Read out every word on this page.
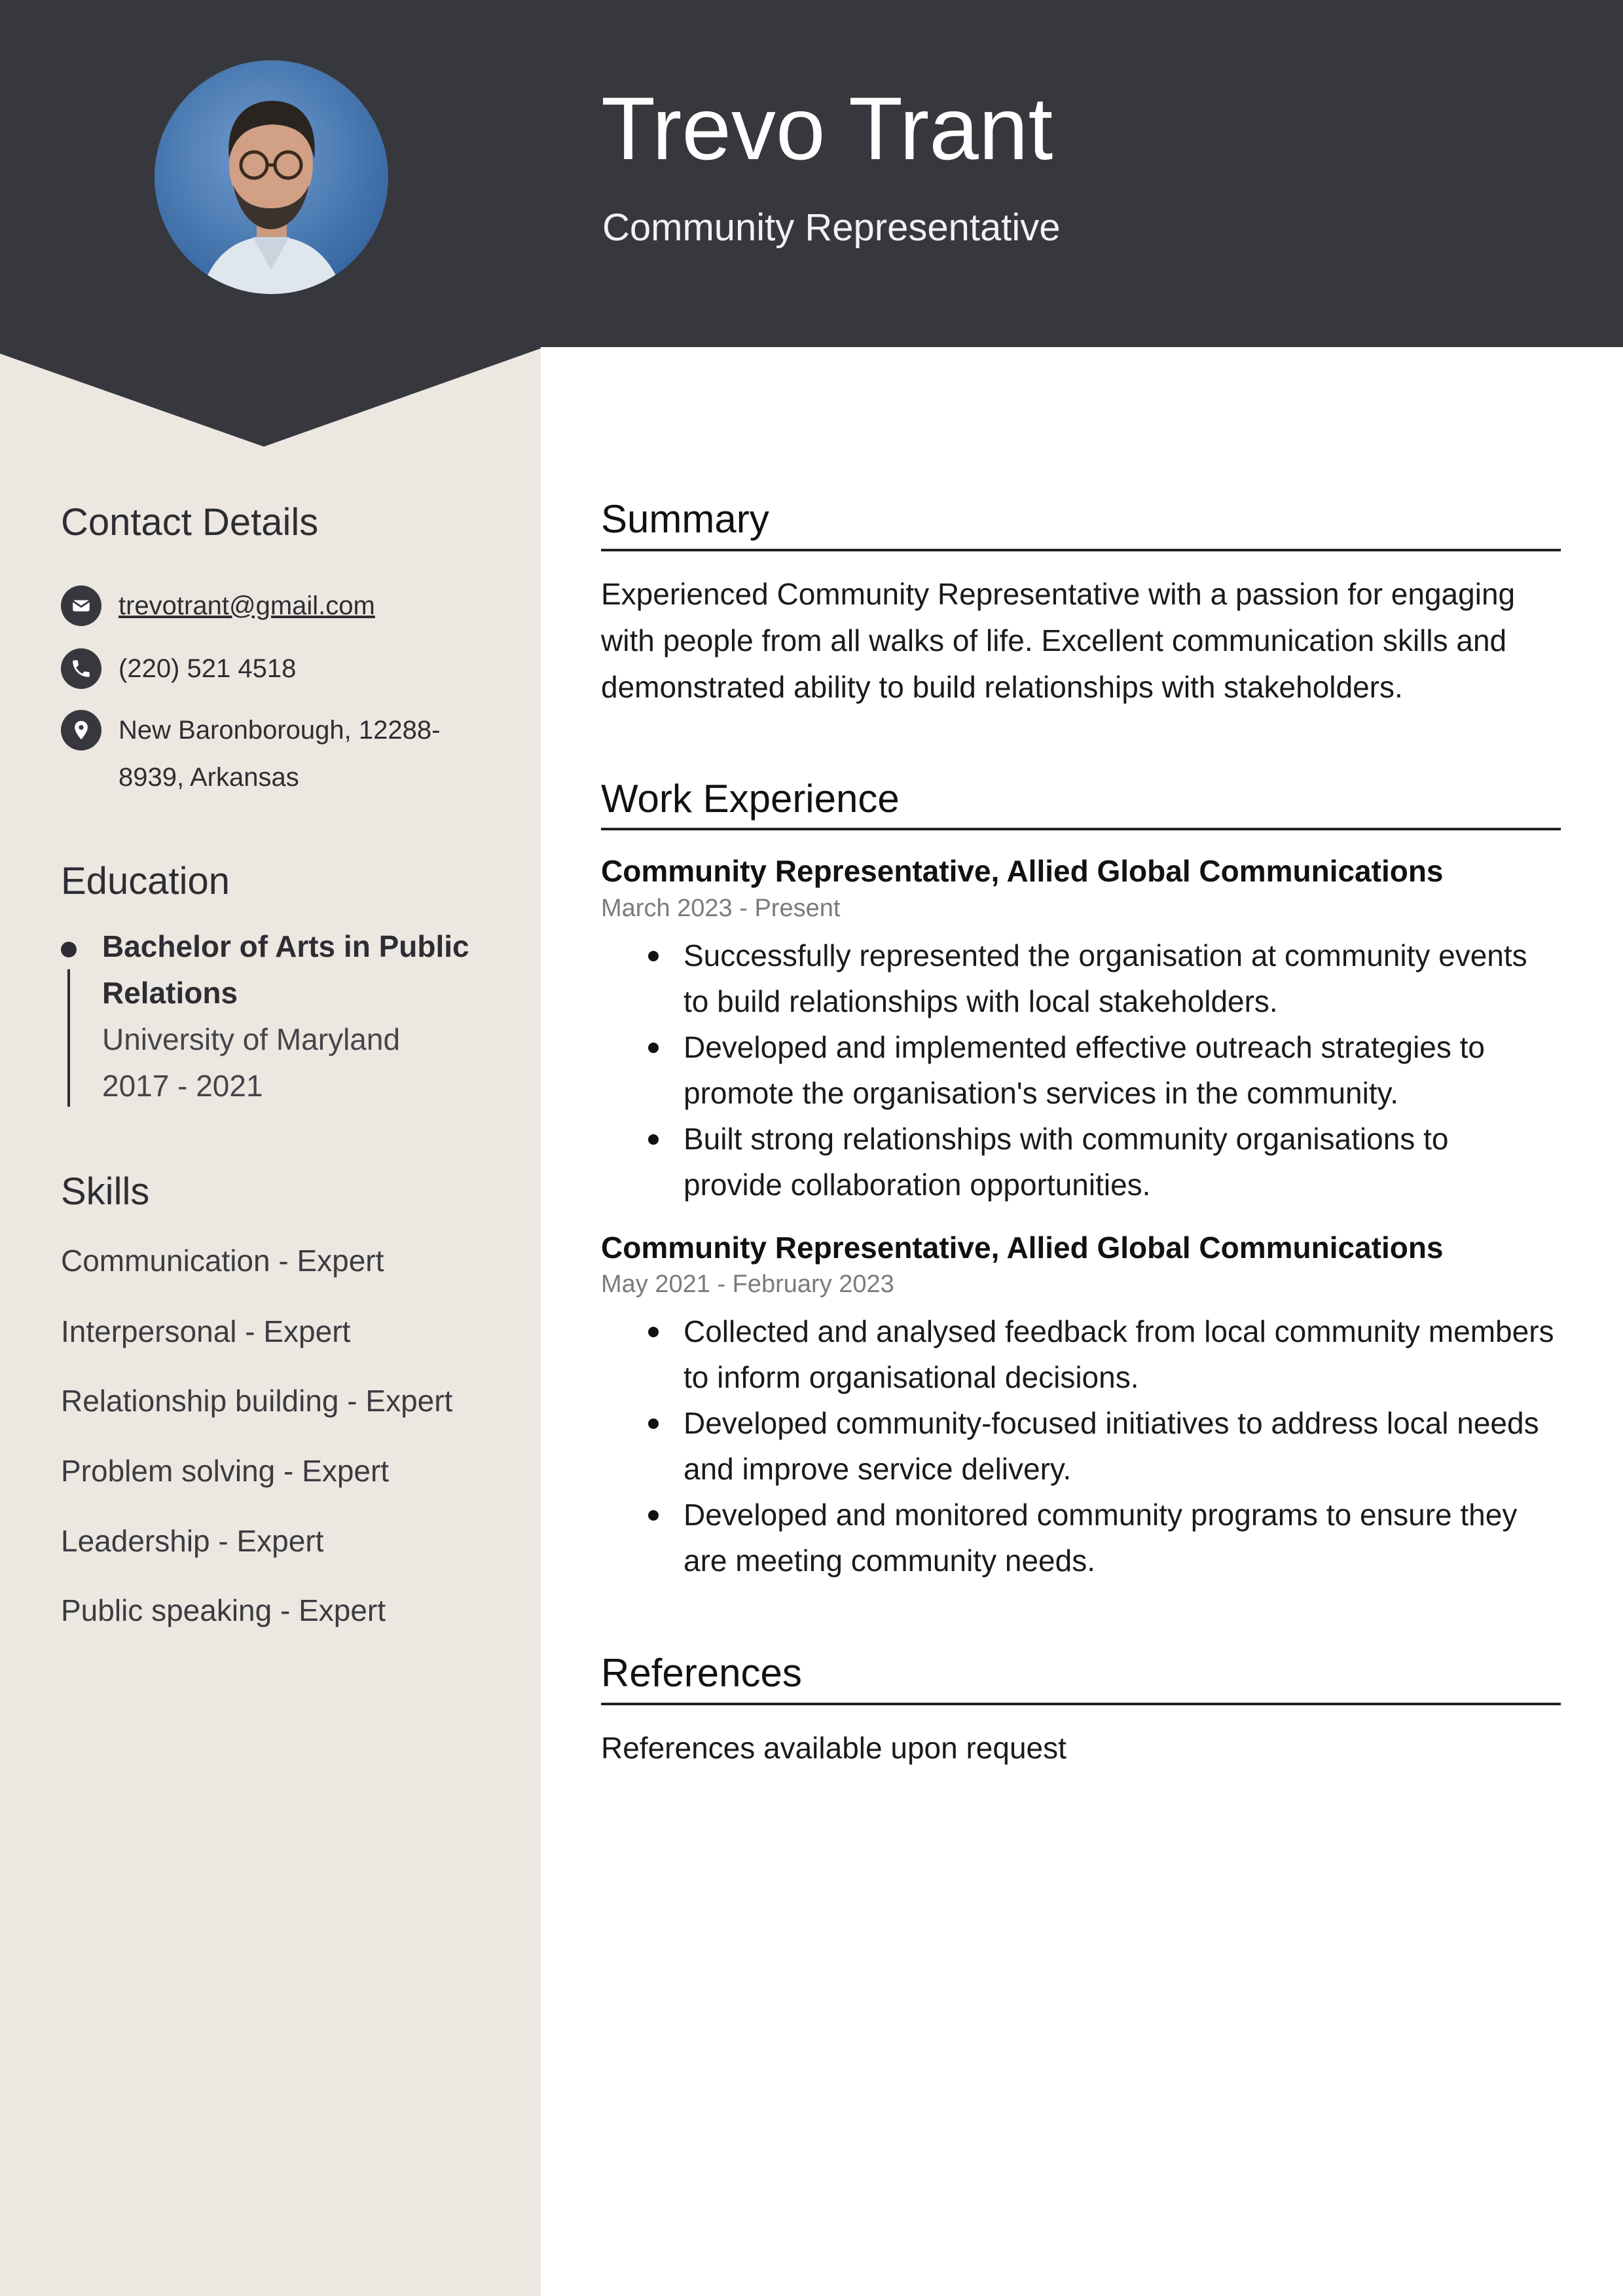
Trevo Trant
Community Representative
Contact Details
trevotrant@gmail.com
(220) 521 4518
New Baronborough, 12288-
8939, Arkansas
Education
Bachelor of Arts in Public
Relations
University of Maryland
2017 - 2021
Skills
Communication - Expert
Interpersonal - Expert
Relationship building - Expert
Problem solving - Expert
Leadership - Expert
Public speaking - Expert
Summary
Experienced Community Representative with a passion for engaging
with people from all walks of life. Excellent communication skills and
demonstrated ability to build relationships with stakeholders.
Work Experience
Community Representative, Allied Global Communications
March 2023 - Present
Successfully represented the organisation at community events
to build relationships with local stakeholders.
Developed and implemented effective outreach strategies to
promote the organisation's services in the community.
Built strong relationships with community organisations to
provide collaboration opportunities.
Community Representative, Allied Global Communications
May 2021 - February 2023
Collected and analysed feedback from local community members
to inform organisational decisions.
Developed community-focused initiatives to address local needs
and improve service delivery.
Developed and monitored community programs to ensure they
are meeting community needs.
References
References available upon request
